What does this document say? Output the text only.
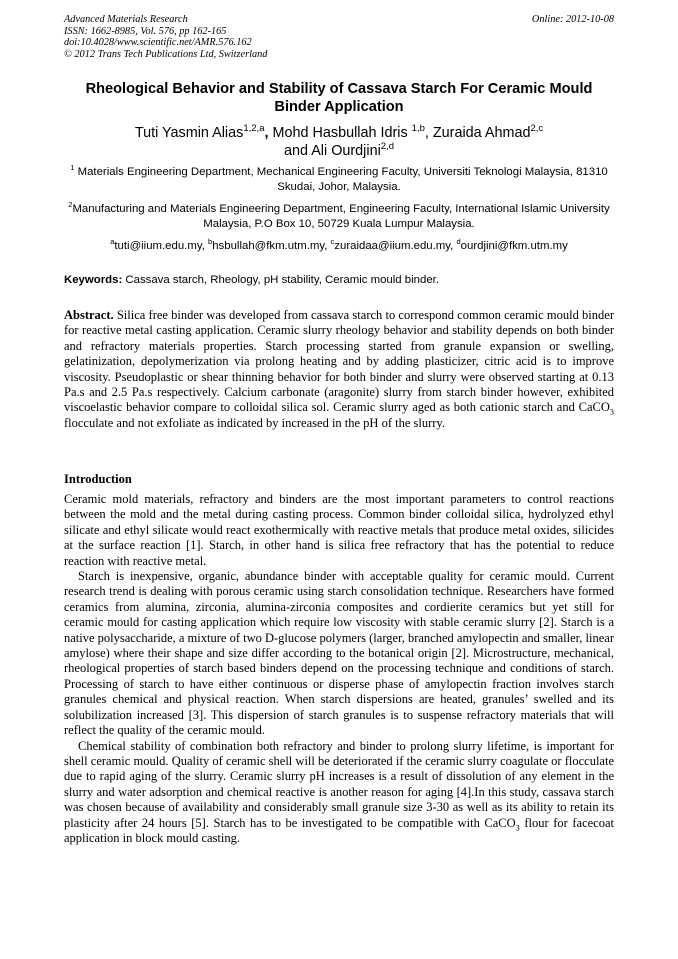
Advanced Materials Research
ISSN: 1662-8985, Vol. 576, pp 162-165
doi:10.4028/www.scientific.net/AMR.576.162
© 2012 Trans Tech Publications Ltd, Switzerland
Online: 2012-10-08
Rheological Behavior and Stability of Cassava Starch For Ceramic Mould Binder Application
Tuti Yasmin Alias$^{1,2,a}$, Mohd Hasbullah Idris $^{1,b}$, Zuraida Ahmad$^{2,c}$
and Ali Ourdjini$^{2,d}$
$^1$ Materials Engineering Department, Mechanical Engineering Faculty, Universiti Teknologi Malaysia, 81310 Skudai, Johor, Malaysia.
$^2$Manufacturing and Materials Engineering Department, Engineering Faculty, International Islamic University Malaysia, P.O Box 10, 50729 Kuala Lumpur Malaysia.
$^a$tuti@iium.edu.my, $^b$hsbullah@fkm.utm.my, $^c$zuraidaa@iium.edu.my, $^d$ourdjini@fkm.utm.my
Keywords: Cassava starch, Rheology, pH stability, Ceramic mould binder.
Abstract. Silica free binder was developed from cassava starch to correspond common ceramic mould binder for reactive metal casting application. Ceramic slurry rheology behavior and stability depends on both binder and refractory materials properties. Starch processing started from granule expansion or swelling, gelatinization, depolymerization via prolong heating and by adding plasticizer, citric acid is to improve viscosity. Pseudoplastic or shear thinning behavior for both binder and slurry were observed starting at 0.13 Pa.s and 2.5 Pa.s respectively. Calcium carbonate (aragonite) slurry from starch binder however, exhibited viscoelastic behavior compare to colloidal silica sol. Ceramic slurry aged as both cationic starch and CaCO$_3$ flocculate and not exfoliate as indicated by increased in the pH of the slurry.
Introduction

Ceramic mold materials, refractory and binders are the most important parameters to control reactions between the mold and the metal during casting process. Common binder colloidal silica, hydrolyzed ethyl silicate and ethyl silicate would react exothermically with reactive metals that produce metal oxides, silicides at the surface reaction [1]. Starch, in other hand is silica free refractory that has the potential to reduce reaction with reactive metal.

Starch is inexpensive, organic, abundance binder with acceptable quality for ceramic mould. Current research trend is dealing with porous ceramic using starch consolidation technique. Researchers have formed ceramics from alumina, zirconia, alumina-zirconia composites and cordierite ceramics but yet still for ceramic mould for casting application which require low viscosity with stable ceramic slurry [2]. Starch is a native polysaccharide, a mixture of two D-glucose polymers (larger, branched amylopectin and smaller, linear amylose) where their shape and size differ according to the botanical origin [2]. Microstructure, mechanical, rheological properties of starch based binders depend on the processing technique and conditions of starch. Processing of starch to have either continuous or disperse phase of amylopectin fraction involves starch granules chemical and physical reaction. When starch dispersions are heated, granules’ swelled and its solubilization increased [3]. This dispersion of starch granules is to suspense refractory materials that will reflect the quality of the ceramic mould.

Chemical stability of combination both refractory and binder to prolong slurry lifetime, is important for shell ceramic mould. Quality of ceramic shell will be deteriorated if the ceramic slurry coagulate or flocculate due to rapid aging of the slurry. Ceramic slurry pH increases is a result of dissolution of any element in the slurry and water adsorption and chemical reactive is another reason for aging [4].In this study, cassava starch was chosen because of availability and considerably small granule size 3-30 as well as its ability to retain its plasticity after 24 hours [5]. Starch has to be investigated to be compatible with CaCO$_3$ flour for facecoat application in block mould casting.
